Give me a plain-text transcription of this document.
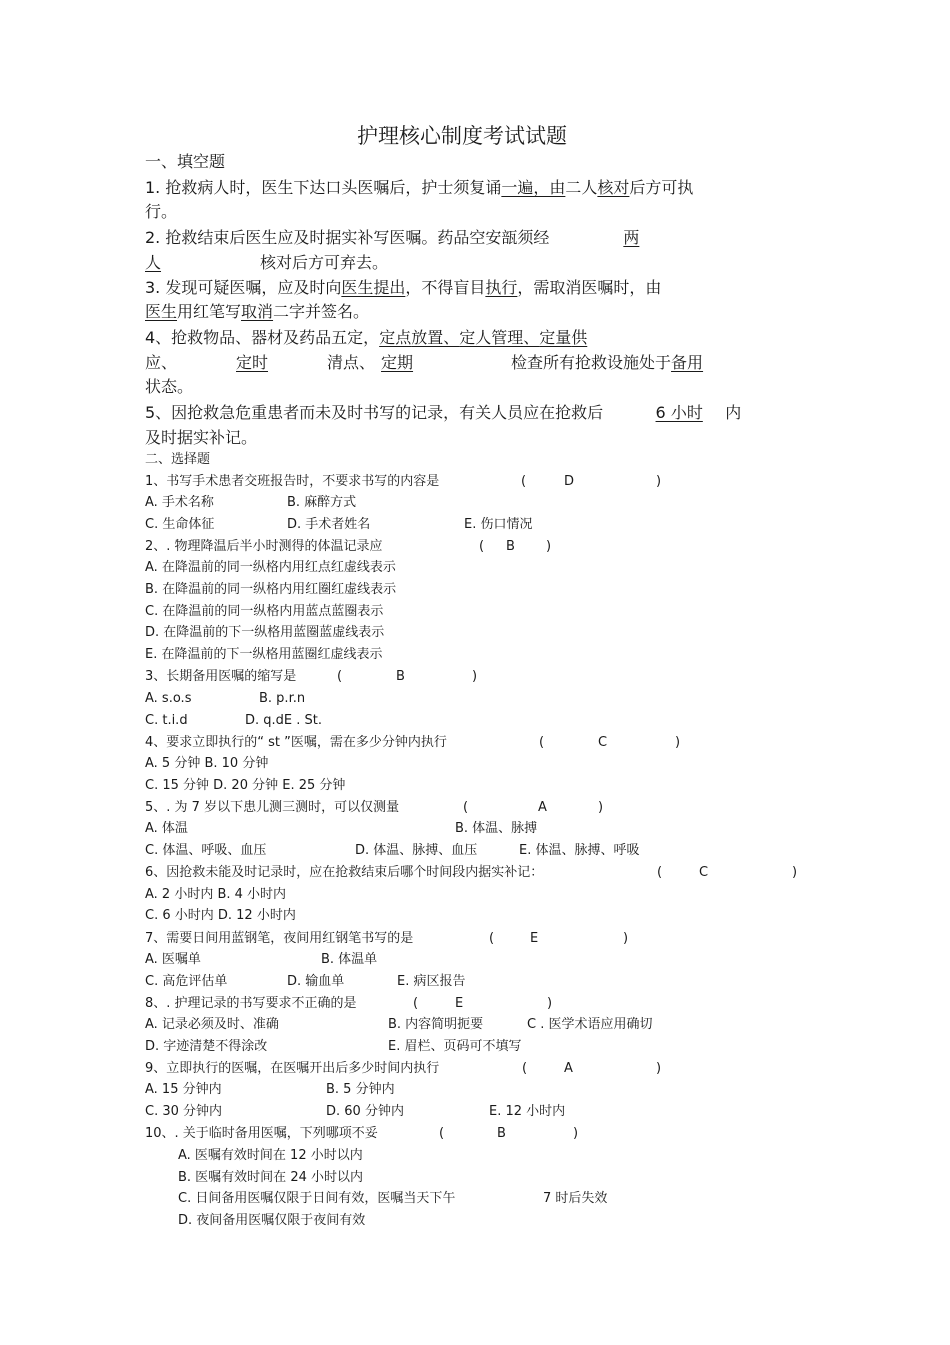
护理核心制度考试试题
一、填空题
1. 抢救病人时，医生下达口头医嘱后，护士须复诵一遍，由二人核对后方可执
行。
2. 抢救结束后医生应及时据实补写医嘱。药品空安瓿须经	两
人	核对后方可弃去。
3. 发现可疑医嘱，应及时向医生提出，不得盲目执行，需取消医嘱时，由
医生用红笔写取消二字并签名。
4、抢救物品、器材及药品五定，定点放置、定人管理、定量供
应、	定时	清点、 定期	检查所有抢救设施处于备用
状态。
5、因抢救急危重患者而未及时书写的记录，有关人员应在抢救后	6 小时 内
及时据实补记。
二、选择题
1、书写手术患者交班报告时，不要求书写的内容是	(	D	)
A. 手术名称	B. 麻醉方式
C. 生命体征	D. 手术者姓名	E. 伤口情况
2、. 物理降温后半小时测得的体温记录应	( B )
A. 在降温前的同一纵格内用红点红虚线表示
B. 在降温前的同一纵格内用红圈红虚线表示
C. 在降温前的同一纵格内用蓝点蓝圈表示
D. 在降温前的下一纵格用蓝圈蓝虚线表示
E. 在降温前的下一纵格用蓝圈红虚线表示
3、长期备用医嘱的缩写是	(	B	)
A. s.o.s	B. p.r.n
C. t.i.d	D. q.dE . St.
4、要求立即执行的“ st ”医嘱，需在多少分钟内执行	(	C	)
A. 5 分钟 B. 10 分钟
C. 15 分钟 D. 20 分钟 E. 25 分钟
5、. 为 7 岁以下患儿测三测时，可以仅测量	(	A	)
A. 体温	B. 体温、脉搏
C. 体温、呼吸、血压	D. 体温、脉搏、血压	E. 体温、脉搏、呼吸
6、因抢救未能及时记录时，应在抢救结束后哪个时间段内据实补记：	(	C	)
A. 2 小时内 B. 4 小时内
C. 6 小时内 D. 12 小时内
7、需要日间用蓝钢笔，夜间用红钢笔书写的是	(	E	)
A. 医嘱单	B. 体温单
C. 高危评估单	D. 输血单	E. 病区报告
8、. 护理记录的书写要求不正确的是	(	E	)
A. 记录必须及时、准确	B. 内容简明扼要	C . 医学术语应用确切
D. 字迹清楚不得涂改	E. 眉栏、页码可不填写
9、立即执行的医嘱，在医嘱开出后多少时间内执行	(	A	)
A. 15 分钟内	B. 5 分钟内
C. 30 分钟内	D. 60 分钟内	E. 12 小时内
10、. 关于临时备用医嘱，下列哪项不妥	(	B	)
A. 医嘱有效时间在 12 小时以内
B. 医嘱有效时间在 24 小时以内
C. 日间备用医嘱仅限于日间有效，医嘱当天下午	7 时后失效
D. 夜间备用医嘱仅限于夜间有效
